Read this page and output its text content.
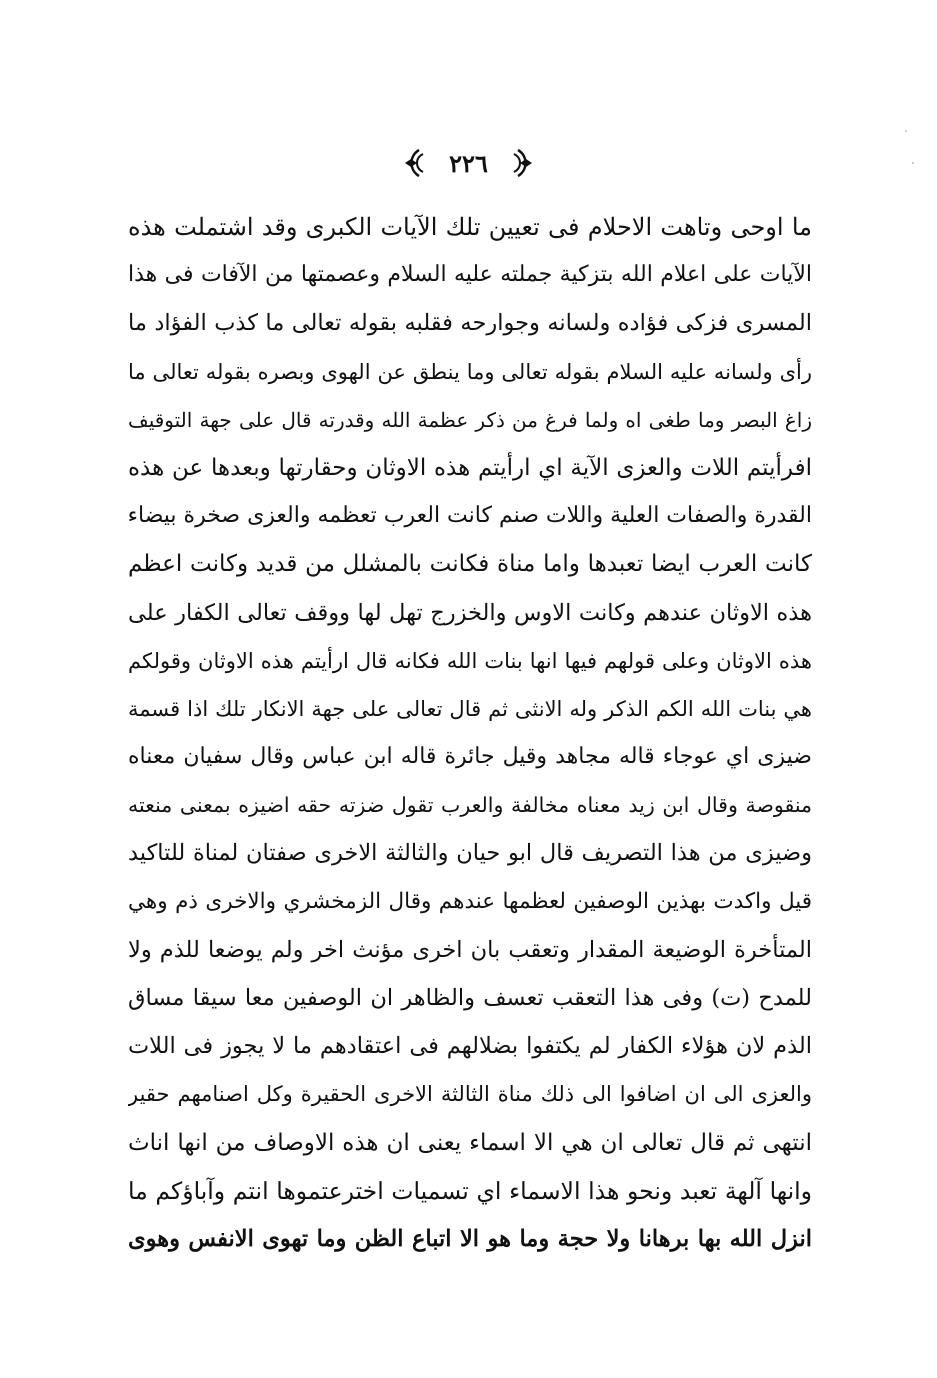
٢٢٦
ما اوحى وتاهت الاحلام فى تعيين تلك الآيات الكبرى وقد اشتملت هذه
الآيات على اعلام الله بتزكية جملته عليه السلام وعصمتها من الآفات فى هذا
المسرى فزكى فؤاده ولسانه وجوارحه فقلبه بقوله تعالى ما كذب الفؤاد ما
رأى ولسانه عليه السلام بقوله تعالى وما ينطق عن الهوى وبصره بقوله تعالى ما
زاغ البصر وما طغى اه ولما فرغ من ذكر عظمة الله وقدرته قال على جهة التوقيف
افرأيتم اللات والعزى الآية اي ارأيتم هذه الاوثان وحقارتها وبعدها عن هذه
القدرة والصفات العلية واللات صنم كانت العرب تعظمه والعزى صخرة بيضاء
كانت العرب ايضا تعبدها واما مناة فكانت بالمشلل من قديد وكانت اعظم
هذه الاوثان عندهم وكانت الاوس والخزرج تهل لها ووقف تعالى الكفار على
هذه الاوثان وعلى قولهم فيها انها بنات الله فكانه قال ارأيتم هذه الاوثان وقولكم
هي بنات الله الكم الذكر وله الانثى ثم قال تعالى على جهة الانكار تلك اذا قسمة
ضيزى اي عوجاء قاله مجاهد وقيل جائرة قاله ابن عباس وقال سفيان معناه
منقوصة وقال ابن زيد معناه مخالفة والعرب تقول ضزته حقه اضيزه بمعنى منعته
وضيزى من هذا التصريف قال ابو حيان والثالثة الاخرى صفتان لمناة للتاكيد
قيل واكدت بهذين الوصفين لعظمها عندهم وقال الزمخشري والاخرى ذم وهي
المتأخرة الوضيعة المقدار وتعقب بان اخرى مؤنث اخر ولم يوضعا للذم ولا
للمدح (ت) وفى هذا التعقب تعسف والظاهر ان الوصفين معا سيقا مساق
الذم لان هؤلاء الكفار لم يكتفوا بضلالهم فى اعتقادهم ما لا يجوز فى اللات
والعزى الى ان اضافوا الى ذلك مناة الثالثة الاخرى الحقيرة وكل اصنامهم حقير
انتهى ثم قال تعالى ان هي الا اسماء يعنى ان هذه الاوصاف من انها اناث
وانها آلهة تعبد ونحو هذا الاسماء اي تسميات اخترعتموها انتم وآباؤكم ما
انزل الله بها برهانا ولا حجة وما هو الا اتباع الظن وما تهوى الانفس وهوى
